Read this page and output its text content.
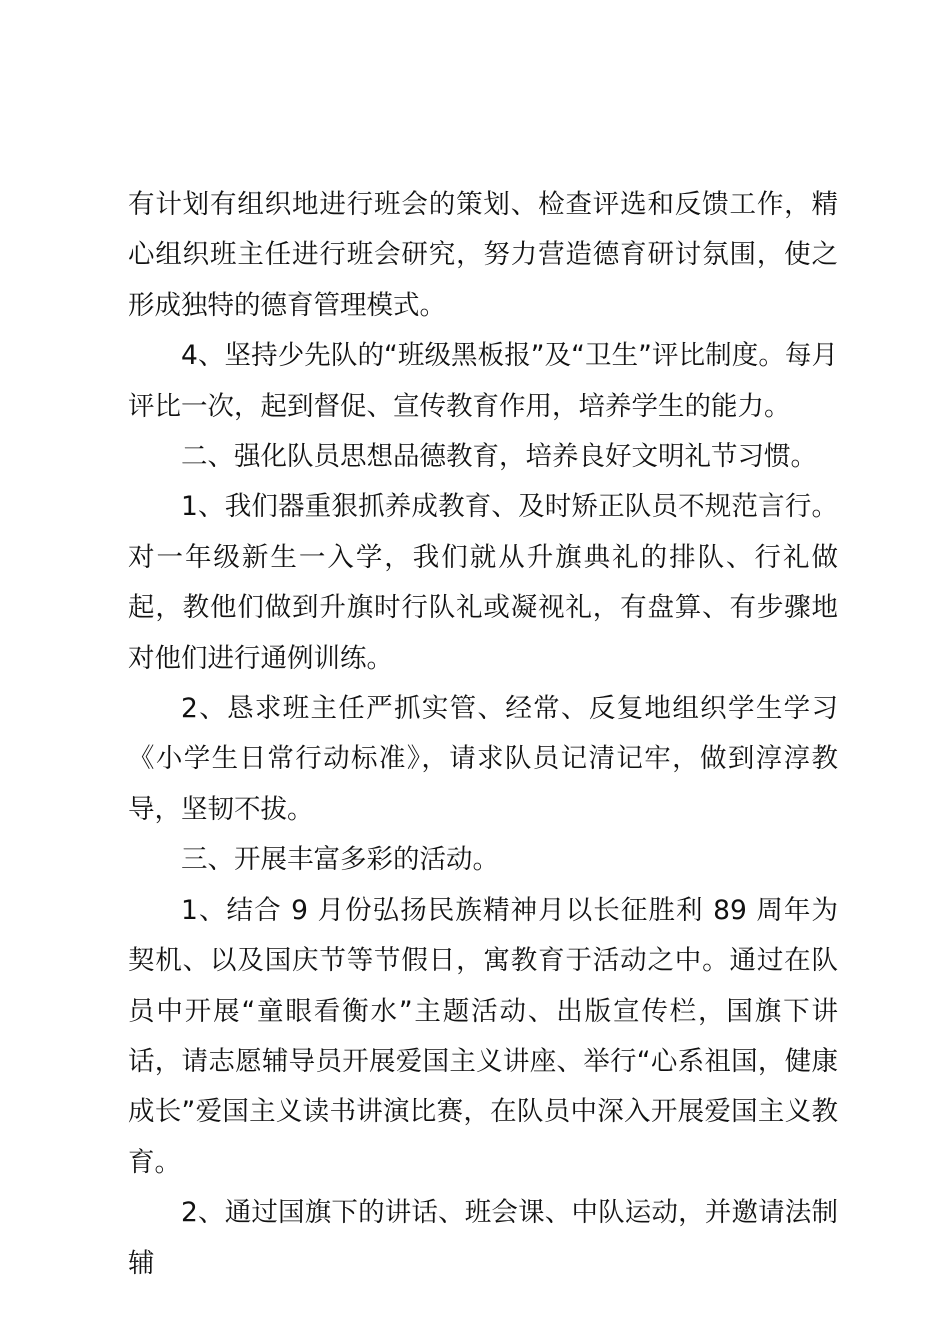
有计划有组织地进行班会的策划、检查评选和反馈工作，精心组织班主任进行班会研究，努力营造德育研讨氛围，使之形成独特的德育管理模式。

4、坚持少先队的“班级黑板报”及“卫生”评比制度。每月评比一次，起到督促、宣传教育作用，培养学生的能力。

二、强化队员思想品德教育，培养良好文明礼节习惯。

1、我们器重狠抓养成教育、及时矫正队员不规范言行。对一年级新生一入学，我们就从升旗典礼的排队、行礼做起，教他们做到升旗时行队礼或凝视礼，有盘算、有步骤地对他们进行通例训练。

2、恳求班主任严抓实管、经常、反复地组织学生学习《小学生日常行动标准》，请求队员记清记牢，做到淳淳教导，坚韧不拔。

三、开展丰富多彩的活动。

1、结合 9 月份弘扬民族精神月以长征胜利 89 周年为契机、以及国庆节等节假日，寓教育于活动之中。通过在队员中开展“童眼看衡水”主题活动、出版宣传栏，国旗下讲话，请志愿辅导员开展爱国主义讲座、举行“心系祖国，健康成长”爱国主义读书讲演比赛，在队员中深入开展爱国主义教育。

2、通过国旗下的讲话、班会课、中队运动，并邀请法制辅
